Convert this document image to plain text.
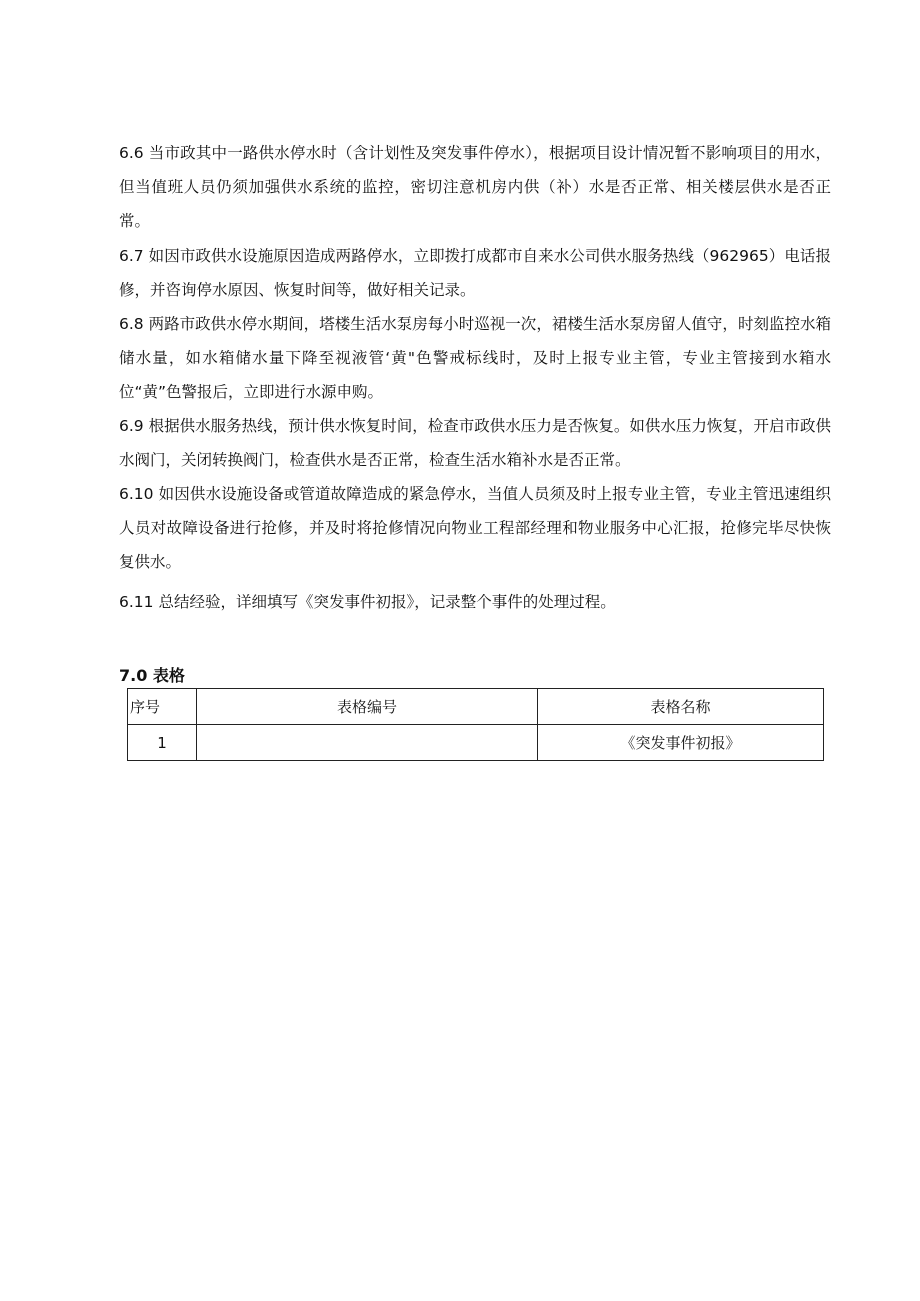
6.6 当市政其中一路供水停水时（含计划性及突发事件停水），根据项目设计情况暂不影响项目的用水，但当值班人员仍须加强供水系统的监控，密切注意机房内供（补）水是否正常、相关楼层供水是否正常。

6.7 如因市政供水设施原因造成两路停水，立即拨打成都市自来水公司供水服务热线（962965）电话报修，并咨询停水原因、恢复时间等，做好相关记录。

6.8 两路市政供水停水期间，塔楼生活水泵房每小时巡视一次，裙楼生活水泵房留人值守，时刻监控水箱储水量，如水箱储水量下降至视液管‘黄"色警戒标线时，及时上报专业主管，专业主管接到水箱水位“黄”色警报后，立即进行水源申购。

6.9 根据供水服务热线，预计供水恢复时间，检查市政供水压力是否恢复。如供水压力恢复，开启市政供水阀门，关闭转换阀门，检查供水是否正常，检查生活水箱补水是否正常。

6.10 如因供水设施设备或管道故障造成的紧急停水，当值人员须及时上报专业主管，专业主管迅速组织人员对故障设备进行抢修，并及时将抢修情况向物业工程部经理和物业服务中心汇报，抢修完毕尽快恢复供水。

6.11 总结经验，详细填写《突发事件初报》，记录整个事件的处理过程。

7.0 表格
序号	表格编号	表格名称
1		《突发事件初报》
